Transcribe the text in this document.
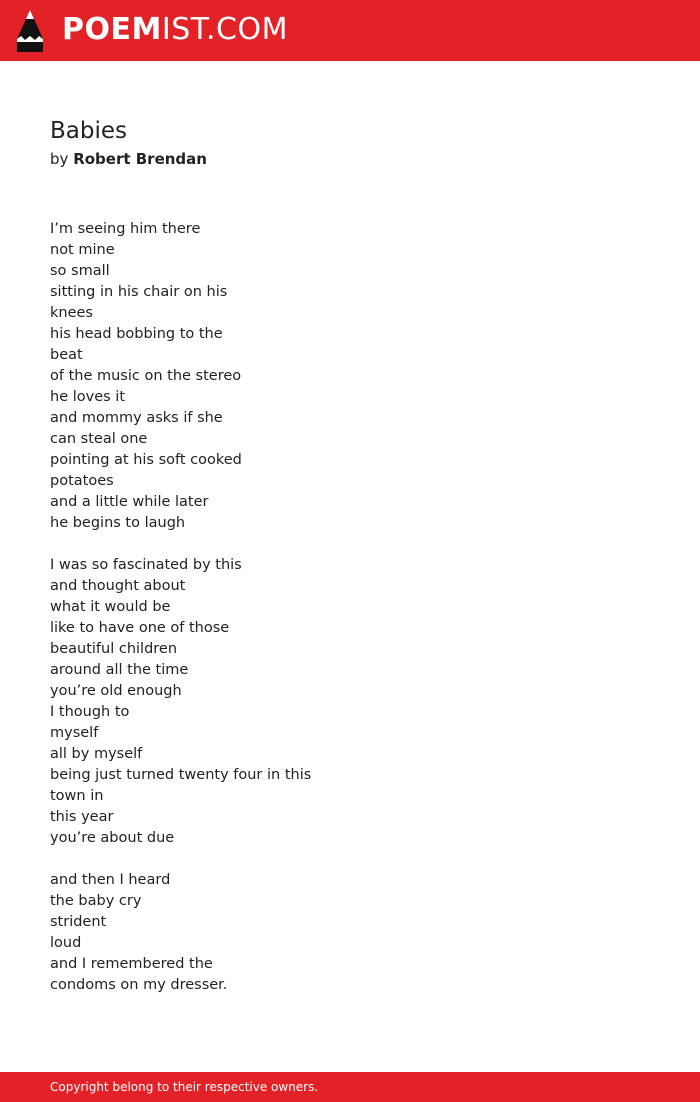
POEMIST.COM
Babies
by Robert Brendan
I’m seeing him there
not mine
so small
sitting in his chair on his
knees
his head bobbing to the
beat
of the music on the stereo
he loves it
and mommy asks if she
can steal one
pointing at his soft cooked
potatoes
and a little while later
he begins to laugh
I was so fascinated by this
and thought about
what it would be
like to have one of those
beautiful children
around all the time
you’re old enough
I though to
myself
all by myself
being just turned twenty four in this
town in
this year
you’re about due
and then I heard
the baby cry
strident
loud
and I remembered the
condoms on my dresser.
Copyright belong to their respective owners.
